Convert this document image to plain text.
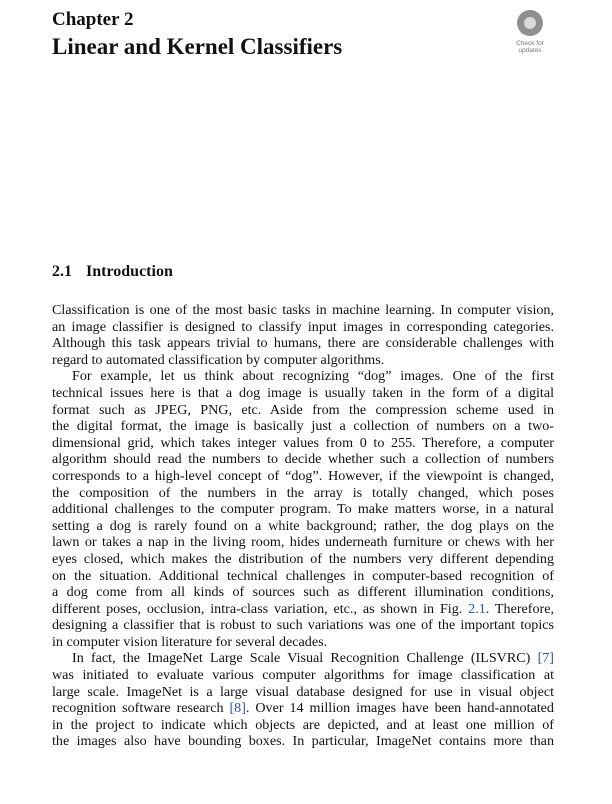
Chapter 2
Linear and Kernel Classifiers	Check for
updates
2.1 Introduction
Classification is one of the most basic tasks in machine learning. In computer vision,
an image classifier is designed to classify input images in corresponding categories.
Although this task appears trivial to humans, there are considerable challenges with
regard to automated classification by computer algorithms.
For example, let us think about recognizing “dog” images. One of the first
technical issues here is that a dog image is usually taken in the form of a digital
format such as JPEG, PNG, etc. Aside from the compression scheme used in
the digital format, the image is basically just a collection of numbers on a two-
dimensional grid, which takes integer values from 0 to 255. Therefore, a computer
algorithm should read the numbers to decide whether such a collection of numbers
corresponds to a high-level concept of “dog”. However, if the viewpoint is changed,
the composition of the numbers in the array is totally changed, which poses
additional challenges to the computer program. To make matters worse, in a natural
setting a dog is rarely found on a white background; rather, the dog plays on the
lawn or takes a nap in the living room, hides underneath furniture or chews with her
eyes closed, which makes the distribution of the numbers very different depending
on the situation. Additional technical challenges in computer-based recognition of
a dog come from all kinds of sources such as different illumination conditions,
different poses, occlusion, intra-class variation, etc., as shown in Fig. 2.1. Therefore,
designing a classifier that is robust to such variations was one of the important topics
in computer vision literature for several decades.
In fact, the ImageNet Large Scale Visual Recognition Challenge (ILSVRC) [7]
was initiated to evaluate various computer algorithms for image classification at
large scale. ImageNet is a large visual database designed for use in visual object
recognition software research [8]. Over 14 million images have been hand-annotated
in the project to indicate which objects are depicted, and at least one million of
the images also have bounding boxes. In particular, ImageNet contains more than
